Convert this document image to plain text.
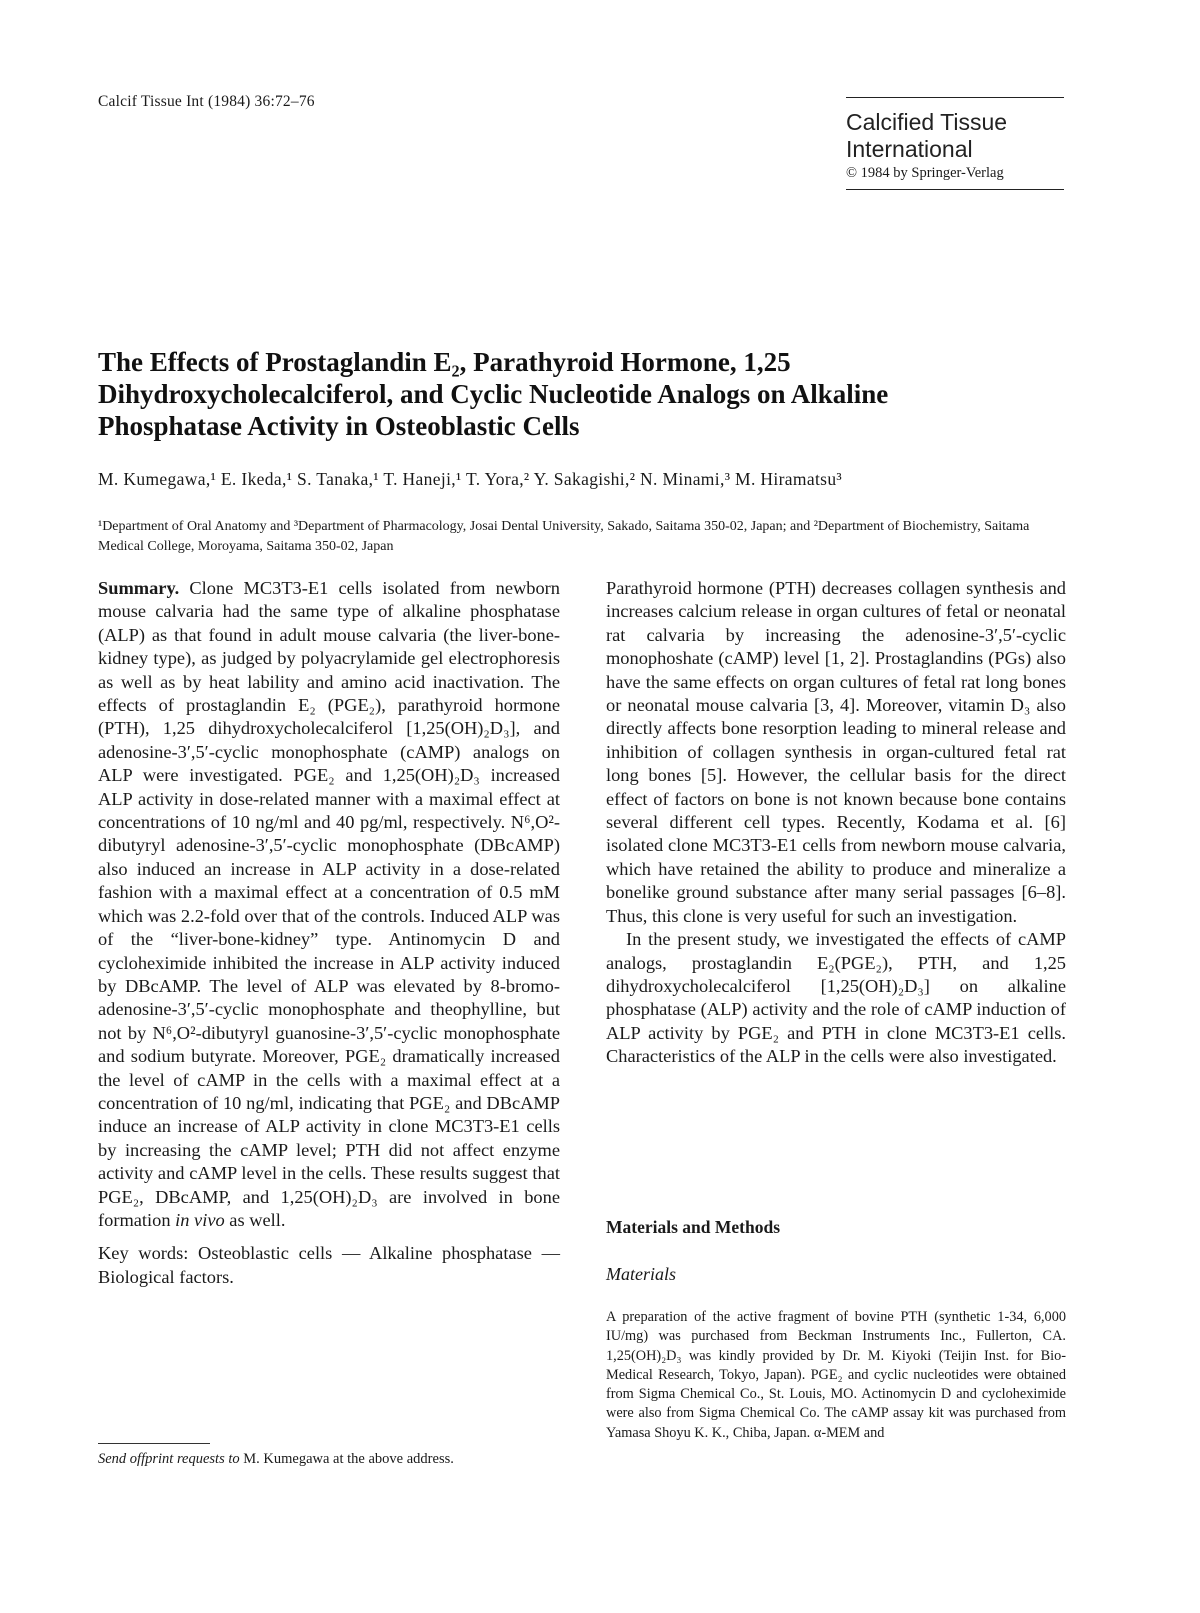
Calcif Tissue Int (1984) 36:72–76
Calcified Tissue International
© 1984 by Springer-Verlag
The Effects of Prostaglandin E₂, Parathyroid Hormone, 1,25 Dihydroxycholecalciferol, and Cyclic Nucleotide Analogs on Alkaline Phosphatase Activity in Osteoblastic Cells
M. Kumegawa,¹ E. Ikeda,¹ S. Tanaka,¹ T. Haneji,¹ T. Yora,² Y. Sakagishi,² N. Minami,³ M. Hiramatsu³
¹Department of Oral Anatomy and ³Department of Pharmacology, Josai Dental University, Sakado, Saitama 350-02, Japan; and ²Department of Biochemistry, Saitama Medical College, Moroyama, Saitama 350-02, Japan

Summary. Clone MC3T3-E1 cells isolated from newborn mouse calvaria had the same type of alkaline phosphatase (ALP) as that found in adult mouse calvaria (the liver-bone-kidney type), as judged by polyacrylamide gel electrophoresis as well as by heat lability and amino acid inactivation. The effects of prostaglandin E₂ (PGE₂), parathyroid hormone (PTH), 1,25 dihydroxycholecalciferol [1,25(OH)₂D₃], and adenosine-3′,5′-cyclic monophosphate (cAMP) analogs on ALP were investigated. PGE₂ and 1,25(OH)₂D₃ increased ALP activity in dose-related manner with a maximal effect at concentrations of 10 ng/ml and 40 pg/ml, respectively. N⁶,O²-dibutyryl adenosine-3′,5′-cyclic monophosphate (DBcAMP) also induced an increase in ALP activity in a dose-related fashion with a maximal effect at a concentration of 0.5 mM which was 2.2-fold over that of the controls. Induced ALP was of the “liver-bone-kidney” type. Antinomycin D and cycloheximide inhibited the increase in ALP activity induced by DBcAMP. The level of ALP was elevated by 8-bromo-adenosine-3′,5′-cyclic monophosphate and theophylline, but not by N⁶,O²-dibutyryl guanosine-3′,5′-cyclic monophosphate and sodium butyrate. Moreover, PGE₂ dramatically increased the level of cAMP in the cells with a maximal effect at a concentration of 10 ng/ml, indicating that PGE₂ and DBcAMP induce an increase of ALP activity in clone MC3T3-E1 cells by increasing the cAMP level; PTH did not affect enzyme activity and cAMP level in the cells. These results suggest that PGE₂, DBcAMP, and 1,25(OH)₂D₃ are involved in bone formation in vivo as well.

Key words: Osteoblastic cells — Alkaline phosphatase — Biological factors.

Send offprint requests to M. Kumegawa at the above address.

Parathyroid hormone (PTH) decreases collagen synthesis and increases calcium release in organ cultures of fetal or neonatal rat calvaria by increasing the adenosine-3′,5′-cyclic monophoshate (cAMP) level [1, 2]. Prostaglandins (PGs) also have the same effects on organ cultures of fetal rat long bones or neonatal mouse calvaria [3, 4]. Moreover, vitamin D₃ also directly affects bone resorption leading to mineral release and inhibition of collagen synthesis in organ-cultured fetal rat long bones [5]. However, the cellular basis for the direct effect of factors on bone is not known because bone contains several different cell types. Recently, Kodama et al. [6] isolated clone MC3T3-E1 cells from newborn mouse calvaria, which have retained the ability to produce and mineralize a bonelike ground substance after many serial passages [6–8]. Thus, this clone is very useful for such an investigation.

In the present study, we investigated the effects of cAMP analogs, prostaglandin E₂(PGE₂), PTH, and 1,25 dihydroxycholecalciferol [1,25(OH)₂D₃] on alkaline phosphatase (ALP) activity and the role of cAMP induction of ALP activity by PGE₂ and PTH in clone MC3T3-E1 cells. Characteristics of the ALP in the cells were also investigated.

Materials and Methods
Materials

A preparation of the active fragment of bovine PTH (synthetic 1-34, 6,000 IU/mg) was purchased from Beckman Instruments Inc., Fullerton, CA. 1,25(OH)₂D₃ was kindly provided by Dr. M. Kiyoki (Teijin Inst. for Bio-Medical Research, Tokyo, Japan). PGE₂ and cyclic nucleotides were obtained from Sigma Chemical Co., St. Louis, MO. Actinomycin D and cycloheximide were also from Sigma Chemical Co. The cAMP assay kit was purchased from Yamasa Shoyu K. K., Chiba, Japan. α-MEM and
